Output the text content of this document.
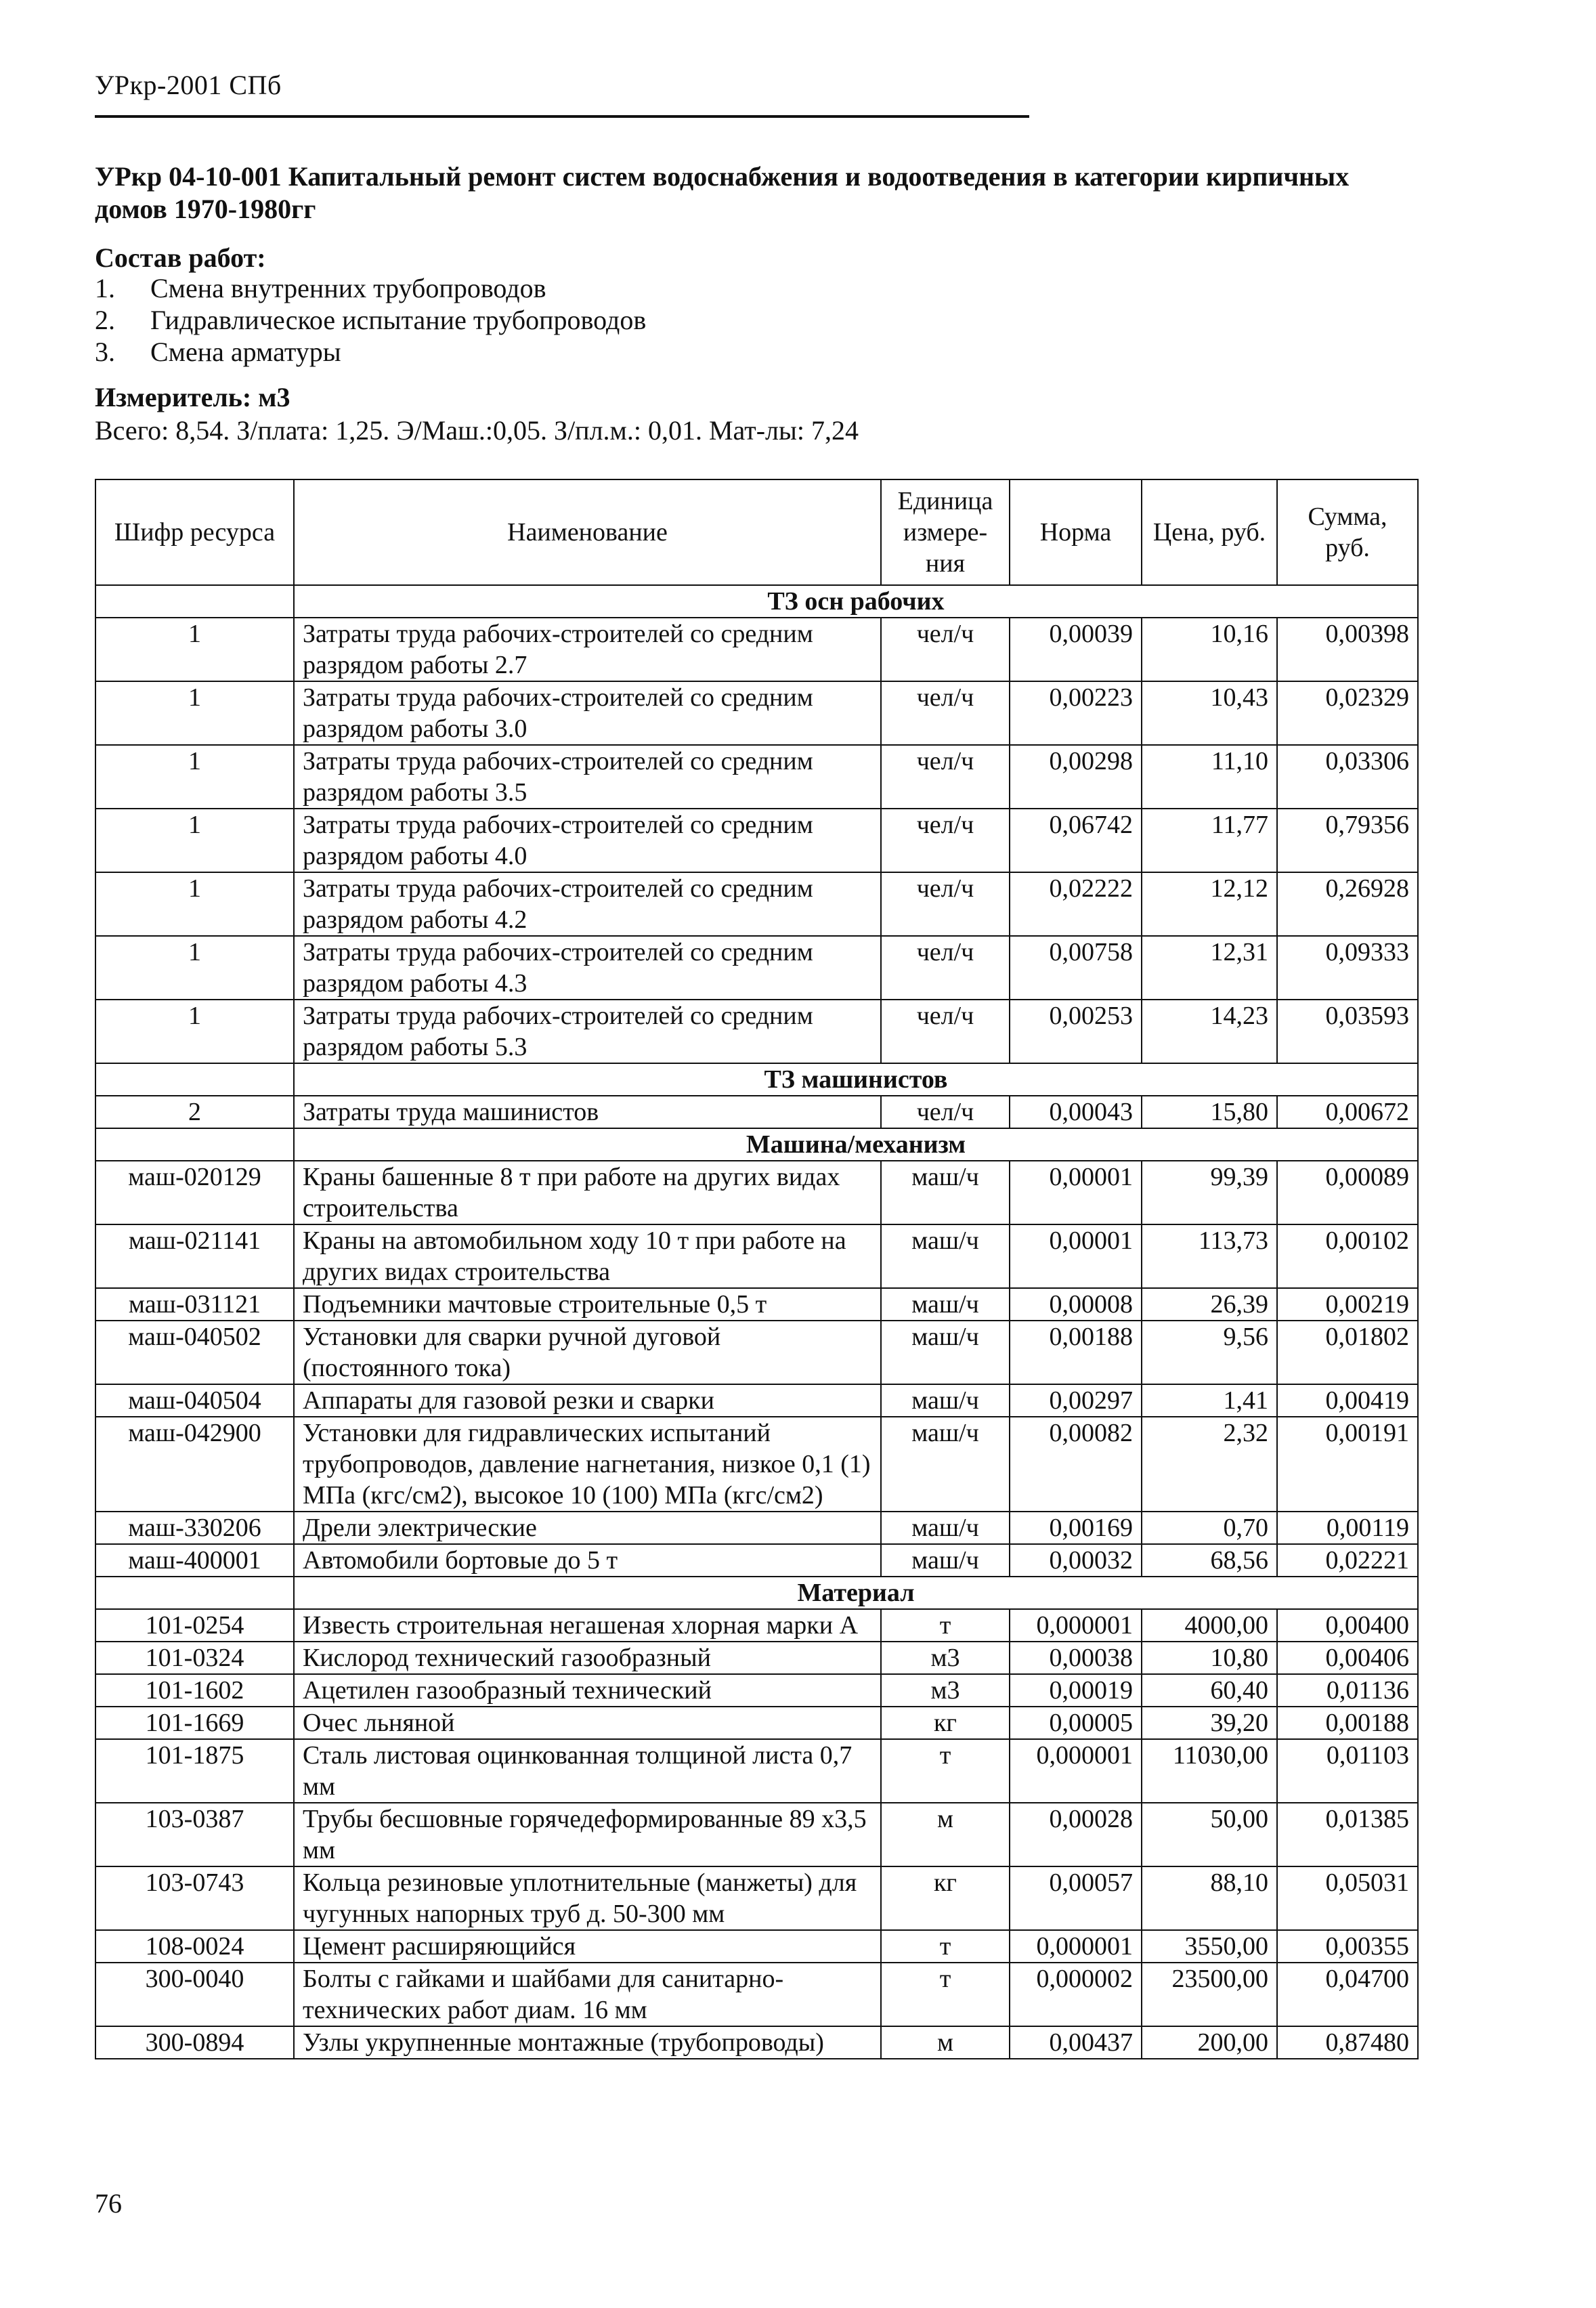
УРкр-2001 СПб
УРкр 04-10-001 Капитальный ремонт систем водоснабжения и водоотведения в категории кирпичных домов 1970-1980гг
Состав работ:
1.	Смена внутренних трубопроводов
2.	Гидравлическое испытание трубопроводов
3.	Смена арматуры
Измеритель: м3
Всего: 8,54. З/плата: 1,25. Э/Маш.:0,05. З/пл.м.: 0,01. Мат-лы: 7,24
Шифр ресурса	Наименование	Единица измере-ния	Норма	Цена, руб.	Сумма, руб.
	ТЗ осн рабочих				
1	Затраты труда рабочих-строителей со средним разрядом работы 2.7	чел/ч	0,00039	10,16	0,00398
1	Затраты труда рабочих-строителей со средним разрядом работы 3.0	чел/ч	0,00223	10,43	0,02329
1	Затраты труда рабочих-строителей со средним разрядом работы 3.5	чел/ч	0,00298	11,10	0,03306
1	Затраты труда рабочих-строителей со средним разрядом работы 4.0	чел/ч	0,06742	11,77	0,79356
1	Затраты труда рабочих-строителей со средним разрядом работы 4.2	чел/ч	0,02222	12,12	0,26928
1	Затраты труда рабочих-строителей со средним разрядом работы 4.3	чел/ч	0,00758	12,31	0,09333
1	Затраты труда рабочих-строителей со средним разрядом работы 5.3	чел/ч	0,00253	14,23	0,03593
	ТЗ машинистов				
2	Затраты труда машинистов	чел/ч	0,00043	15,80	0,00672
	Машина/механизм				
маш-020129	Краны башенные 8 т при работе на других видах строительства	маш/ч	0,00001	99,39	0,00089
маш-021141	Краны на автомобильном ходу 10 т при работе на других видах строительства	маш/ч	0,00001	113,73	0,00102
маш-031121	Подъемники мачтовые строительные 0,5 т	маш/ч	0,00008	26,39	0,00219
маш-040502	Установки для сварки ручной дуговой (постоянного тока)	маш/ч	0,00188	9,56	0,01802
маш-040504	Аппараты для газовой резки и сварки	маш/ч	0,00297	1,41	0,00419
маш-042900	Установки для гидравлических испытаний трубопроводов, давление нагнетания, низкое 0,1 (1) МПа (кгс/см2), высокое 10 (100) МПа (кгс/см2)	маш/ч	0,00082	2,32	0,00191
маш-330206	Дрели электрические	маш/ч	0,00169	0,70	0,00119
маш-400001	Автомобили бортовые до 5 т	маш/ч	0,00032	68,56	0,02221
	Материал				
101-0254	Известь строительная негашеная хлорная марки А	т	0,000001	4000,00	0,00400
101-0324	Кислород технический газообразный	м3	0,00038	10,80	0,00406
101-1602	Ацетилен газообразный технический	м3	0,00019	60,40	0,01136
101-1669	Очес льняной	кг	0,00005	39,20	0,00188
101-1875	Сталь листовая оцинкованная толщиной листа 0,7 мм	т	0,000001	11030,00	0,01103
103-0387	Трубы бесшовные горячедеформированные 89 х3,5 мм	м	0,00028	50,00	0,01385
103-0743	Кольца резиновые уплотнительные (манжеты) для чугунных напорных труб д. 50-300 мм	кг	0,00057	88,10	0,05031
108-0024	Цемент расширяющийся	т	0,000001	3550,00	0,00355
300-0040	Болты с гайками и шайбами для санитарно-технических работ диам. 16 мм	т	0,000002	23500,00	0,04700
300-0894	Узлы укрупненные монтажные (трубопроводы)	м	0,00437	200,00	0,87480
76
